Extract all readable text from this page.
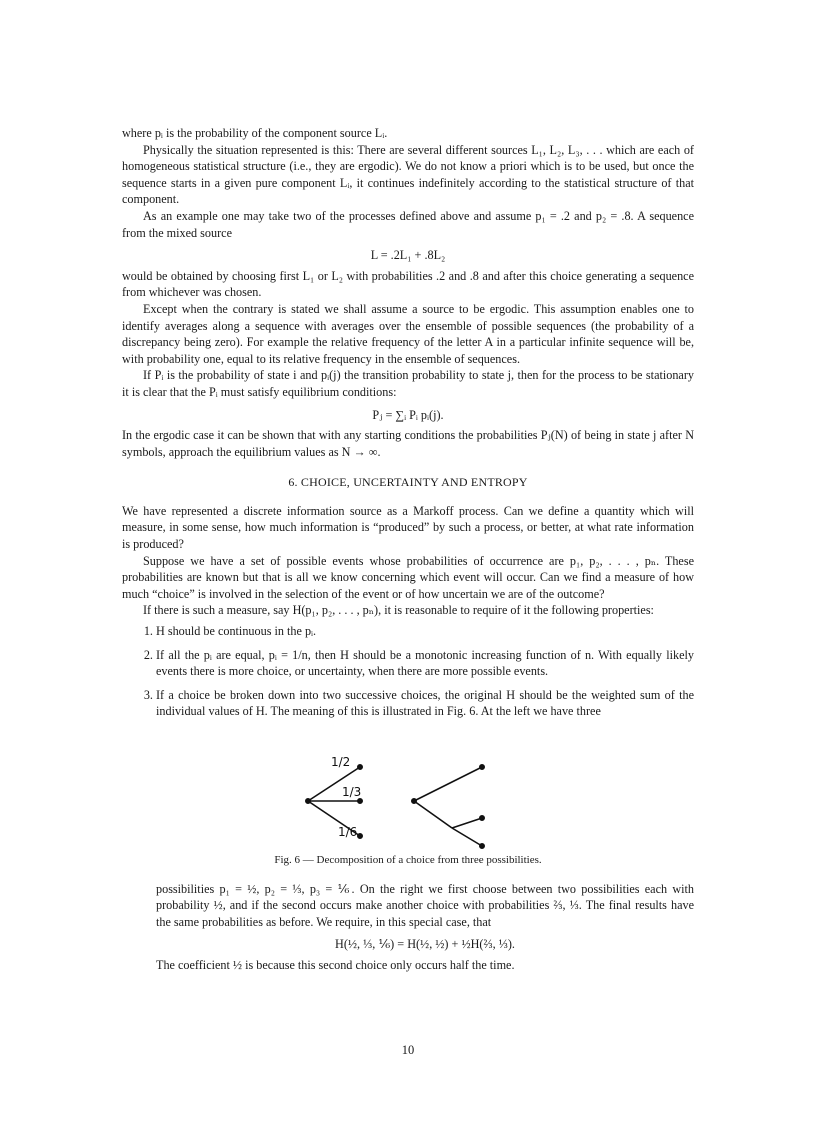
where pᵢ is the probability of the component source Lᵢ.

Physically the situation represented is this: There are several different sources L₁, L₂, L₃, . . . which are each of homogeneous statistical structure (i.e., they are ergodic). We do not know a priori which is to be used, but once the sequence starts in a given pure component Lᵢ, it continues indefinitely according to the statistical structure of that component.

As an example one may take two of the processes defined above and assume p₁ = .2 and p₂ = .8. A sequence from the mixed source

L = .2L₁ + .8L₂

would be obtained by choosing first L₁ or L₂ with probabilities .2 and .8 and after this choice generating a sequence from whichever was chosen.

Except when the contrary is stated we shall assume a source to be ergodic. This assumption enables one to identify averages along a sequence with averages over the ensemble of possible sequences (the probability of a discrepancy being zero). For example the relative frequency of the letter A in a particular infinite sequence will be, with probability one, equal to its relative frequency in the ensemble of sequences.

If Pᵢ is the probability of state i and pᵢ(j) the transition probability to state j, then for the process to be stationary it is clear that the Pᵢ must satisfy equilibrium conditions:

Pⱼ = ∑ᵢ Pᵢ pᵢ(j).

In the ergodic case it can be shown that with any starting conditions the probabilities Pⱼ(N) of being in state j after N symbols, approach the equilibrium values as N → ∞.

6. CHOICE, UNCERTAINTY AND ENTROPY

We have represented a discrete information source as a Markoff process. Can we define a quantity which will measure, in some sense, how much information is “produced” by such a process, or better, at what rate information is produced?

Suppose we have a set of possible events whose probabilities of occurrence are p₁, p₂, . . . , pₙ. These probabilities are known but that is all we know concerning which event will occur. Can we find a measure of how much “choice” is involved in the selection of the event or of how uncertain we are of the outcome?

If there is such a measure, say H(p₁, p₂, . . . , pₙ), it is reasonable to require of it the following properties:

1. H should be continuous in the pᵢ.
2. If all the pᵢ are equal, pᵢ = 1/n, then H should be a monotonic increasing function of n. With equally likely events there is more choice, or uncertainty, when there are more possible events.
3. If a choice be broken down into two successive choices, the original H should be the weighted sum of the individual values of H. The meaning of this is illustrated in Fig. 6. At the left we have three
1/2
1/3
1/6
Fig. 6 — Decomposition of a choice from three possibilities.

possibilities p₁ = ½, p₂ = ⅓, p₃ = ⅙. On the right we first choose between two possibilities each with probability ½, and if the second occurs make another choice with probabilities ⅔, ⅓. The final results have the same probabilities as before. We require, in this special case, that

H(½, ⅓, ⅙) = H(½, ½) + ½H(⅔, ⅓).

The coefficient ½ is because this second choice only occurs half the time.

10
